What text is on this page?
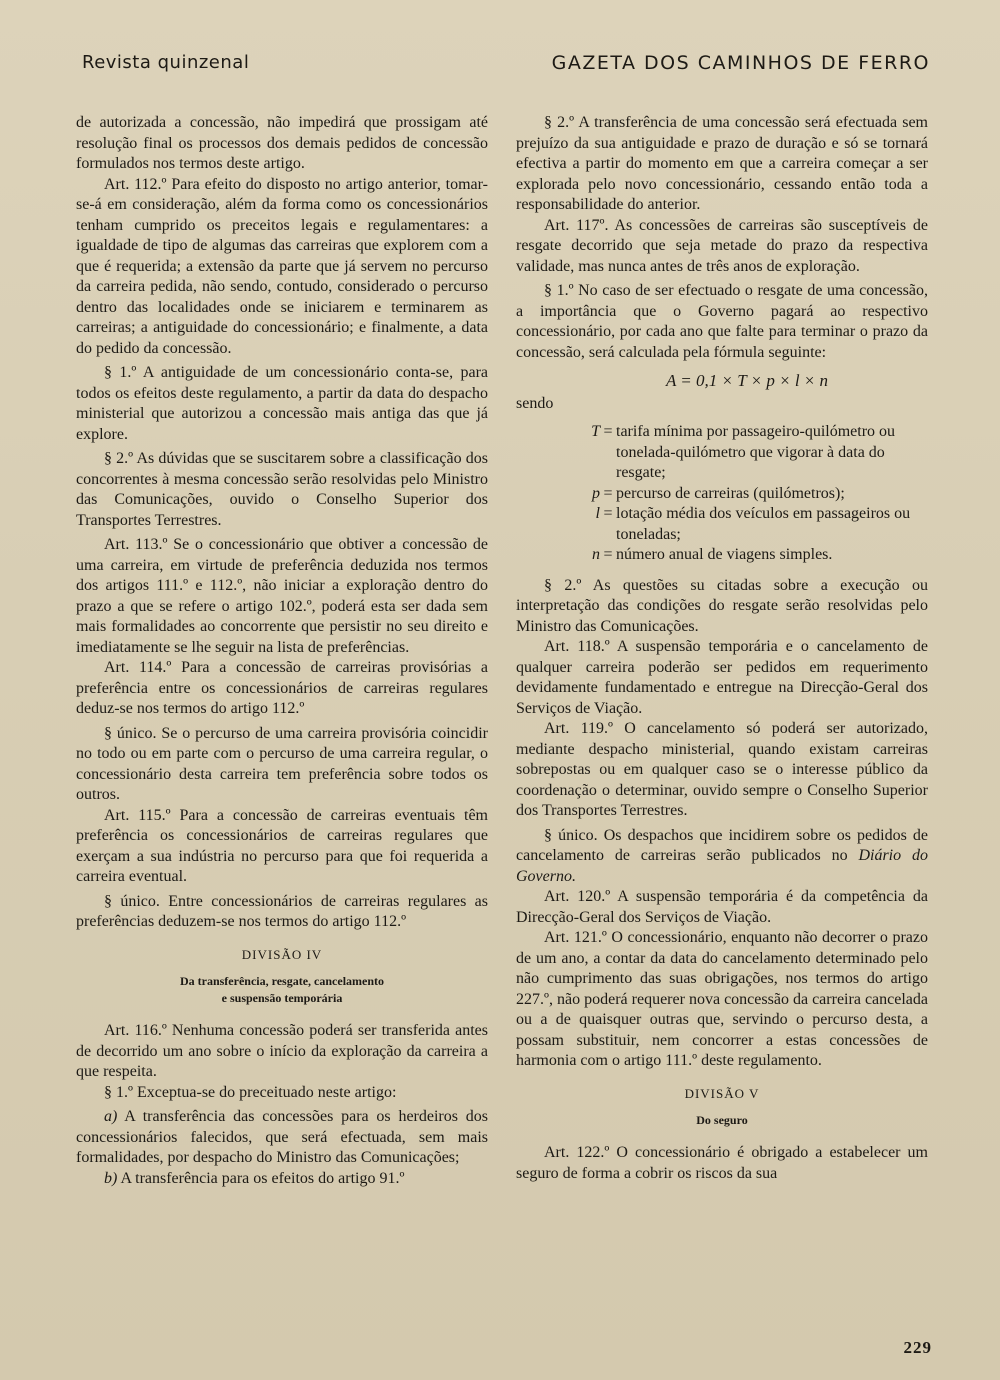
Revista quinzenal	GAZETA DOS CAMINHOS DE FERRO

de autorizada a concessão, não impedirá que prossigam até resolução final os processos dos demais pedidos de concessão formulados nos termos deste artigo.

Art. 112.º Para efeito do disposto no artigo anterior, tomar-se-á em consideração, além da forma como os concessionários tenham cumprido os preceitos legais e regulamentares: a igualdade de tipo de algumas das carreiras que explorem com a que é requerida; a extensão da parte que já servem no percurso da carreira pedida, não sendo, contudo, considerado o percurso dentro das localidades onde se iniciarem e terminarem as carreiras; a antiguidade do concessionário; e finalmente, a data do pedido da concessão.

§ 1.º A antiguidade de um concessionário conta-se, para todos os efeitos deste regulamento, a partir da data do despacho ministerial que autorizou a concessão mais antiga das que já explore.

§ 2.º As dúvidas que se suscitarem sobre a classificação dos concorrentes à mesma concessão serão resolvidas pelo Ministro das Comunicações, ouvido o Conselho Superior dos Transportes Terrestres.

Art. 113.º Se o concessionário que obtiver a concessão de uma carreira, em virtude de preferência deduzida nos termos dos artigos 111.º e 112.º, não iniciar a exploração dentro do prazo a que se refere o artigo 102.º, poderá esta ser dada sem mais formalidades ao concorrente que persistir no seu direito e imediatamente se lhe seguir na lista de preferências.

Art. 114.º Para a concessão de carreiras provisórias a preferência entre os concessionários de carreiras regulares deduz-se nos termos do artigo 112.º

§ único. Se o percurso de uma carreira provisória coincidir no todo ou em parte com o percurso de uma carreira regular, o concessionário desta carreira tem preferência sobre todos os outros.

Art. 115.º Para a concessão de carreiras eventuais têm preferência os concessionários de carreiras regulares que exerçam a sua indústria no percurso para que foi requerida a carreira eventual.

§ único. Entre concessionários de carreiras regulares as preferências deduzem-se nos termos do artigo 112.º

DIVISÃO IV
Da transferência, resgate, cancelamento
e suspensão temporária

Art. 116.º Nenhuma concessão poderá ser transferida antes de decorrido um ano sobre o início da exploração da carreira a que respeita.

§ 1.º Exceptua-se do preceituado neste artigo:

a) A transferência das concessões para os herdeiros dos concessionários falecidos, que será efectuada, sem mais formalidades, por despacho do Ministro das Comunicações;

b) A transferência para os efeitos do artigo 91.º

§ 2.º A transferência de uma concessão será efectuada sem prejuízo da sua antiguidade e prazo de duração e só se tornará efectiva a partir do momento em que a carreira começar a ser explorada pelo novo concessionário, cessando então toda a responsabilidade do anterior.

Art. 117º. As concessões de carreiras são susceptíveis de resgate decorrido que seja metade do prazo da respectiva validade, mas nunca antes de três anos de exploração.

§ 1.º No caso de ser efectuado o resgate de uma concessão, a importância que o Governo pagará ao respectivo concessionário, por cada ano que falte para terminar o prazo da concessão, será calculada pela fórmula seguinte:

A = 0,1 × T × p × l × n

sendo

T = tarifa mínima por passageiro-quilómetro ou tonelada-quilómetro que vigorar à data do resgate;
p = percurso de carreiras (quilómetros);
l = lotação média dos veículos em passageiros ou toneladas;
n = número anual de viagens simples.

§ 2.º As questões su citadas sobre a execução ou interpretação das condições do resgate serão resolvidas pelo Ministro das Comunicações.

Art. 118.º A suspensão temporária e o cancelamento de qualquer carreira poderão ser pedidos em requerimento devidamente fundamentado e entregue na Direcção-Geral dos Serviços de Viação.

Art. 119.º O cancelamento só poderá ser autorizado, mediante despacho ministerial, quando existam carreiras sobrepostas ou em qualquer caso se o interesse público da coordenação o determinar, ouvido sempre o Conselho Superior dos Transportes Terrestres.

§ único. Os despachos que incidirem sobre os pedidos de cancelamento de carreiras serão publicados no Diário do Governo.

Art. 120.º A suspensão temporária é da competência da Direcção-Geral dos Serviços de Viação.

Art. 121.º O concessionário, enquanto não decorrer o prazo de um ano, a contar da data do cancelamento determinado pelo não cumprimento das suas obrigações, nos termos do artigo 227.º, não poderá requerer nova concessão da carreira cancelada ou a de quaisquer outras que, servindo o percurso desta, a possam substituir, nem concorrer a estas concessões de harmonia com o artigo 111.º deste regulamento.

DIVISÃO V
Do seguro

Art. 122.º O concessionário é obrigado a estabelecer um seguro de forma a cobrir os riscos da sua

229
